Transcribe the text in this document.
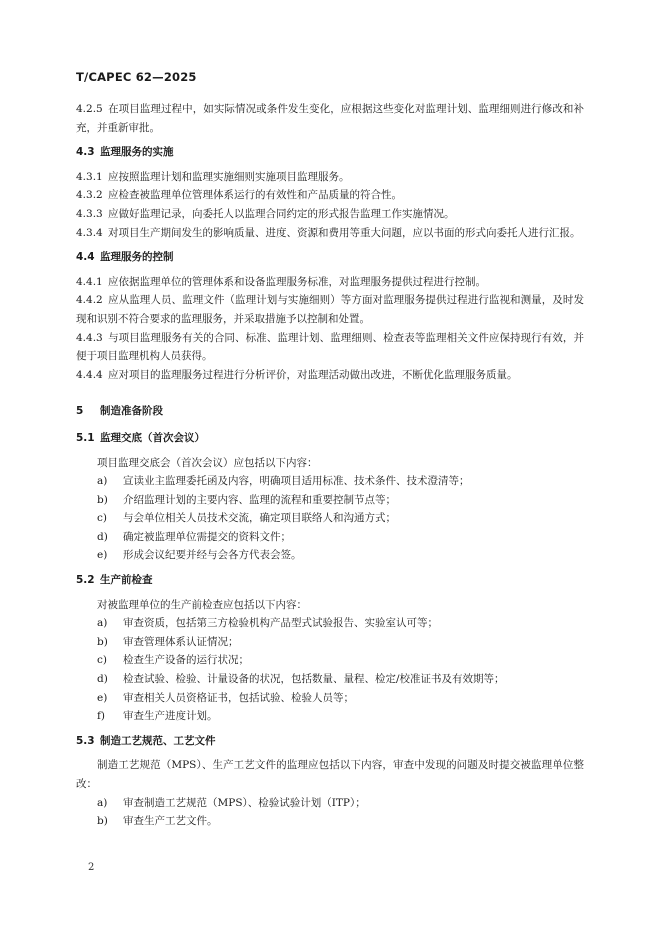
T/CAPEC 62—2025

4.2.5 在项目监理过程中，如实际情况或条件发生变化，应根据这些变化对监理计划、监理细则进行修改和补充，并重新审批。

4.3 监理服务的实施

4.3.1 应按照监理计划和监理实施细则实施项目监理服务。

4.3.2 应检查被监理单位管理体系运行的有效性和产品质量的符合性。

4.3.3 应做好监理记录，向委托人以监理合同约定的形式报告监理工作实施情况。

4.3.4 对项目生产期间发生的影响质量、进度、资源和费用等重大问题，应以书面的形式向委托人进行汇报。

4.4 监理服务的控制

4.4.1 应依据监理单位的管理体系和设备监理服务标准，对监理服务提供过程进行控制。

4.4.2 应从监理人员、监理文件（监理计划与实施细则）等方面对监理服务提供过程进行监视和测量，及时发现和识别不符合要求的监理服务，并采取措施予以控制和处置。

4.4.3 与项目监理服务有关的合同、标准、监理计划、监理细则、检查表等监理相关文件应保持现行有效，并便于项目监理机构人员获得。

4.4.4 应对项目的监理服务过程进行分析评价，对监理活动做出改进，不断优化监理服务质量。

5 制造准备阶段
5.1 监理交底（首次会议）

项目监理交底会（首次会议）应包括以下内容：

a)	宣读业主监理委托函及内容，明确项目适用标准、技术条件、技术澄清等；
b)	介绍监理计划的主要内容、监理的流程和重要控制节点等；
c)	与会单位相关人员技术交流，确定项目联络人和沟通方式；
d)	确定被监理单位需提交的资料文件；
e)	形成会议纪要并经与会各方代表会签。
5.2 生产前检查

对被监理单位的生产前检查应包括以下内容：

a)	审查资质，包括第三方检验机构产品型式试验报告、实验室认可等；
b)	审查管理体系认证情况；
c)	检查生产设备的运行状况；
d)	检查试验、检验、计量设备的状况，包括数量、量程、检定/校准证书及有效期等；
e)	审查相关人员资格证书，包括试验、检验人员等；
f)	审查生产进度计划。
5.3 制造工艺规范、工艺文件

制造工艺规范（MPS）、生产工艺文件的监理应包括以下内容，审查中发现的问题及时提交被监理单位整改：

a)	审查制造工艺规范（MPS）、检验试验计划（ITP）；
b)	审查生产工艺文件。
2
